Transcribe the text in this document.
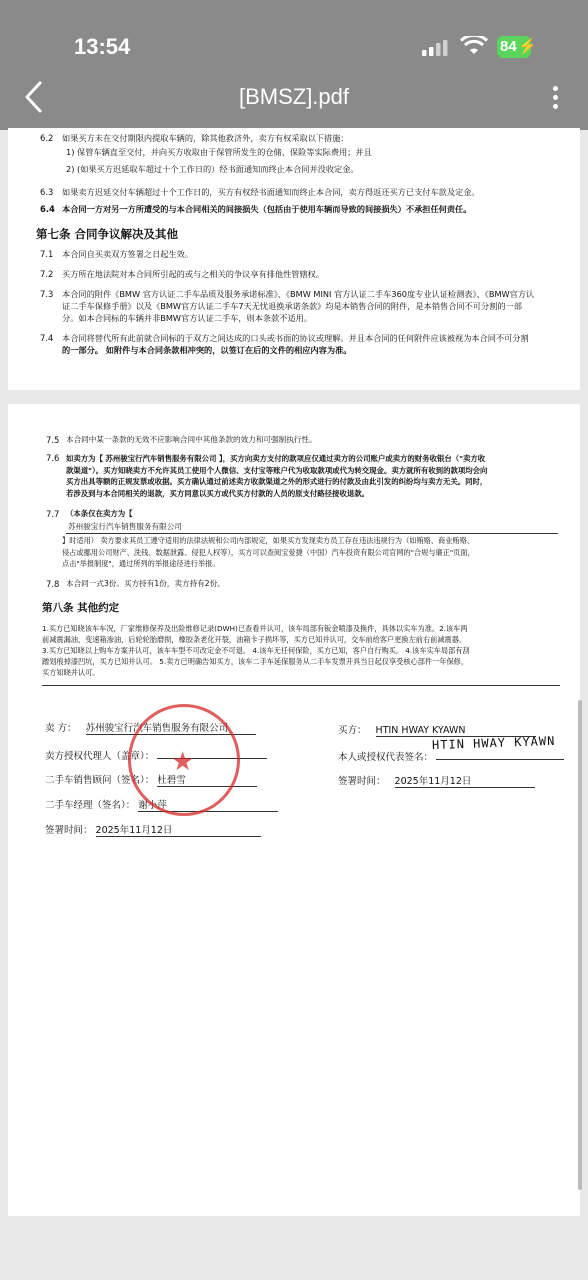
13:54	84 ⚡
[BMSZ].pdf
6.2	如果买方未在交付期限内提取车辆的，除其他救济外，卖方有权采取以下措施：
1) 保管车辆直至交付，并向买方收取由于保管所发生的仓储、保险等实际费用；并且
2) (如果买方迟延取车超过十个工作日的）经书面通知而终止本合同并没收定金。
6.3	如果卖方迟延交付车辆超过十个工作日的，买方有权经书面通知而终止本合同，卖方得返还买方已支付车款及定金。
6.4 本合同一方对另一方所遭受的与本合同相关的间接损失（包括由于使用车辆而导致的间接损失）不承担任何责任。
第七条 合同争议解决及其他
7.1	本合同自买卖双方签署之日起生效。
7.2	买方所在地法院对本合同所引起的或与之相关的争议享有排他性管辖权。
7.3	本合同的附件《BMW 官方认证二手车品质及服务承诺标准》、《BMW MINI 官方认证二手车360度专业认证检测表》、《BMW官方认
证二手车保修手册》以及《BMW官方认证二手车7天无忧退换承诺条款》均是本销售合同的附件，是本销售合同不可分割的一部
分。如本合同标的车辆并非BMW官方认证二手车，则本条款不适用。
7.4	本合同将替代所有此前就合同标的于双方之间达成的口头或书面的协议或理解。并且本合同的任何附件应该被视为本合同不可分割
的一部分。 如附件与本合同条款相冲突的，以签订在后的文件的相应内容为准。
7.5 本合同中某一条款的无效不应影响合同中其他条款的效力和可强制执行性。
7.6 如卖方为【 苏州骏宝行汽车销售服务有限公司 】，买方向卖方支付的款项应仅通过卖方的公司账户或卖方的财务收银台（"卖方收
款渠道"）。买方知晓卖方不允许其员工使用个人微信、支付宝等账户代为收取款项或代为转交现金。卖方就所有收到的款项均会向
买方出具等额的正规发票或收据。买方确认通过前述卖方收款渠道之外的形式进行的付款及由此引发的纠纷均与卖方无关。同时，
若涉及到与本合同相关的退款，买方同意以买方或代买方付款的人员的原支付路径接收退款。
7.7 （本条仅在卖方为【
苏州骏宝行汽车销售服务有限公司
】时适用） 卖方要求其员工遵守适用的法律法规和公司内部规定，如果买方发现卖方员工存在违法违规行为（如贿赂、商业贿赂、
侵占或挪用公司财产、洗钱、数据泄露、侵犯人权等），买方可以查阅宝爱捷（中国）汽车投资有限公司官网的"合规与廉正"页面，
点击"举报制度"，通过所列的举报途径进行举报。
7.8 本合同一式3份。买方持有1份，卖方持有2份。
第八条 其他约定
1.买方已知晓该车车况，厂家维修保养及出险维修记录(DWH)已查看并认可，该车局部有钣金喷漆及换件，具体以实车为准。2.该车两
前减震漏油，变速箱渗油，后轮轮胎磨损，橡胶条老化开裂，油箱卡子损坏等，买方已知并认可，交车前给客户更换左前右前减震器。
3.买方已知晓以上购车方案并认可，该车车型不可改定金不可退。 4.该车无任何保险，买方已知，客户自行购买。 4.该车实车局部有刮
蹭划痕掉漆凹坑，买方已知并认可。 5.卖方已明确告知买方，该车二手车延保服务从二手车发票开具当日起仅享受核心部件一年保修，
买方知晓并认可。
卖 方： 苏州骏宝行汽车销售服务有限公司
卖方授权代理人（盖章）：
二手车销售顾问（签名）： 杜碧雪
二手车经理（签名）： 谢小萍
签署时间： 2025年11月12日
买方： HTIN HWAY KYAWN
本人或授权代表签名：
HTIN HWAY KYAWN
签署时间： 2025年11月12日
★
